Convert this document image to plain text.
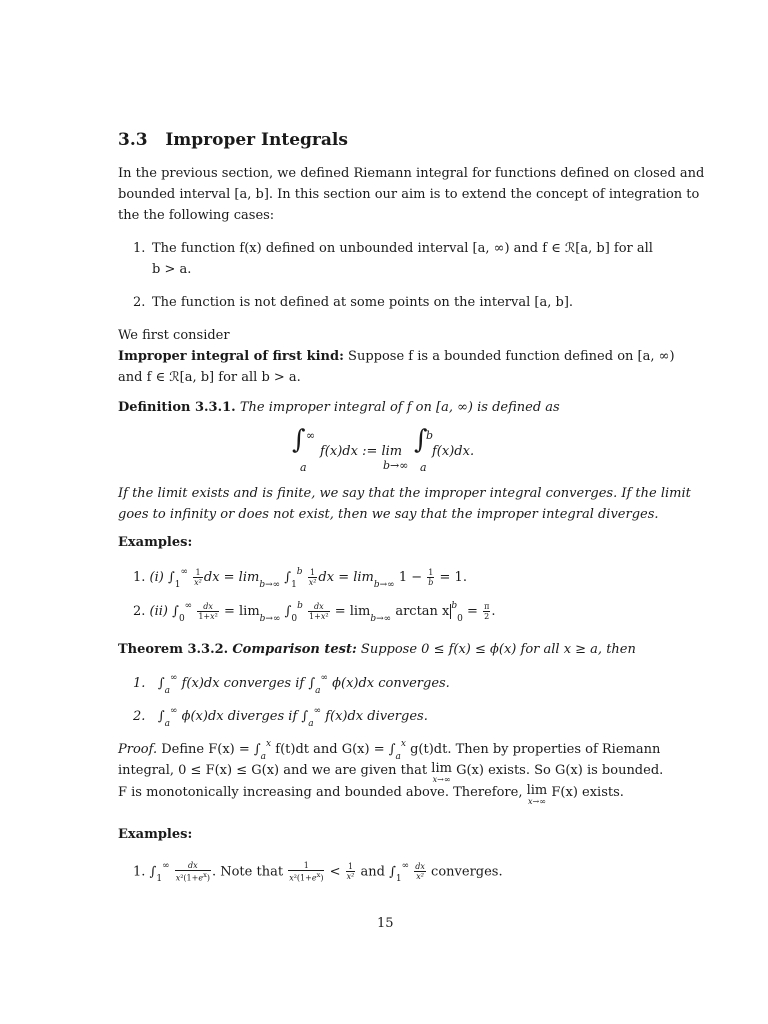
3.3 Improper Integrals
In the previous section, we defined Riemann integral for functions defined on closed and
bounded interval [a, b]. In this section our aim is to extend the concept of integration to
the the following cases:
1. The function f(x) defined on unbounded interval [a, ∞) and f ∈ ℛ[a, b] for all
b > a.
2. The function is not defined at some points on the interval [a, b].
We first consider
Improper integral of first kind: Suppose f is a bounded function defined on [a, ∞)
and f ∈ ℛ[a, b] for all b > a.
Definition 3.3.1. The improper integral of f on [a, ∞) is defined as
∫ ∞
a
f(x)dx := lim
b→∞
∫
b
a
f(x)dx.
If the limit exists and is finite, we say that the improper integral converges. If the limit
goes to infinity or does not exist, then we say that the improper integral diverges.
Examples:
1. (i) $\int_1^\infty \frac{1}{\text{x²}}$ dx = $\lim_{b\to\infty} \int_1^b \frac{1}{\text{x²}}$ dx = $\lim_{b\to\infty} 1 - \frac{1}{b} = 1$.
2. (ii) $\int_0^\infty \frac{dx}{\text{1+x²}} = \lim_{b\to\infty} \int_0^b \frac{dx}{\text{1+x²}} = \lim_{b\to\infty} \arctan x$ $^b_0 = \frac{\pi}{2}$ .
Theorem 3.3.2. Comparison test: Suppose 0 ≤ f(x) ≤ ϕ(x) for all x ≥ a, then
1. $\int_a^\infty$ f(x)dx converges if $\int_a^\infty$ ϕ(x)dx converges.
2. $\int_a^\infty$ ϕ(x)dx diverges if $\int_a^\infty$ f(x)dx diverges.
Proof. Define $F(x) = \int_a^x$ f(t)dt and $G(x) = \int_a^x$ g(t)dt. Then by properties of Riemann
integral, 0 ≤ F(x) ≤ G(x) and we are given that lim
x→∞
G(x) exists. So G(x) is bounded.
F is monotonically increasing and bounded above. Therefore, lim
x→∞
F(x) exists.
Examples:
1. $\int_1^\infty \frac{dx}{x^2(1+e^x)}$ . Note that $\frac{1}{x^2(1+e^x)} < \frac{1}{\text{x²}}$ and $\int_1^\infty \frac{dx}{\text{x²}}$ converges.
15
